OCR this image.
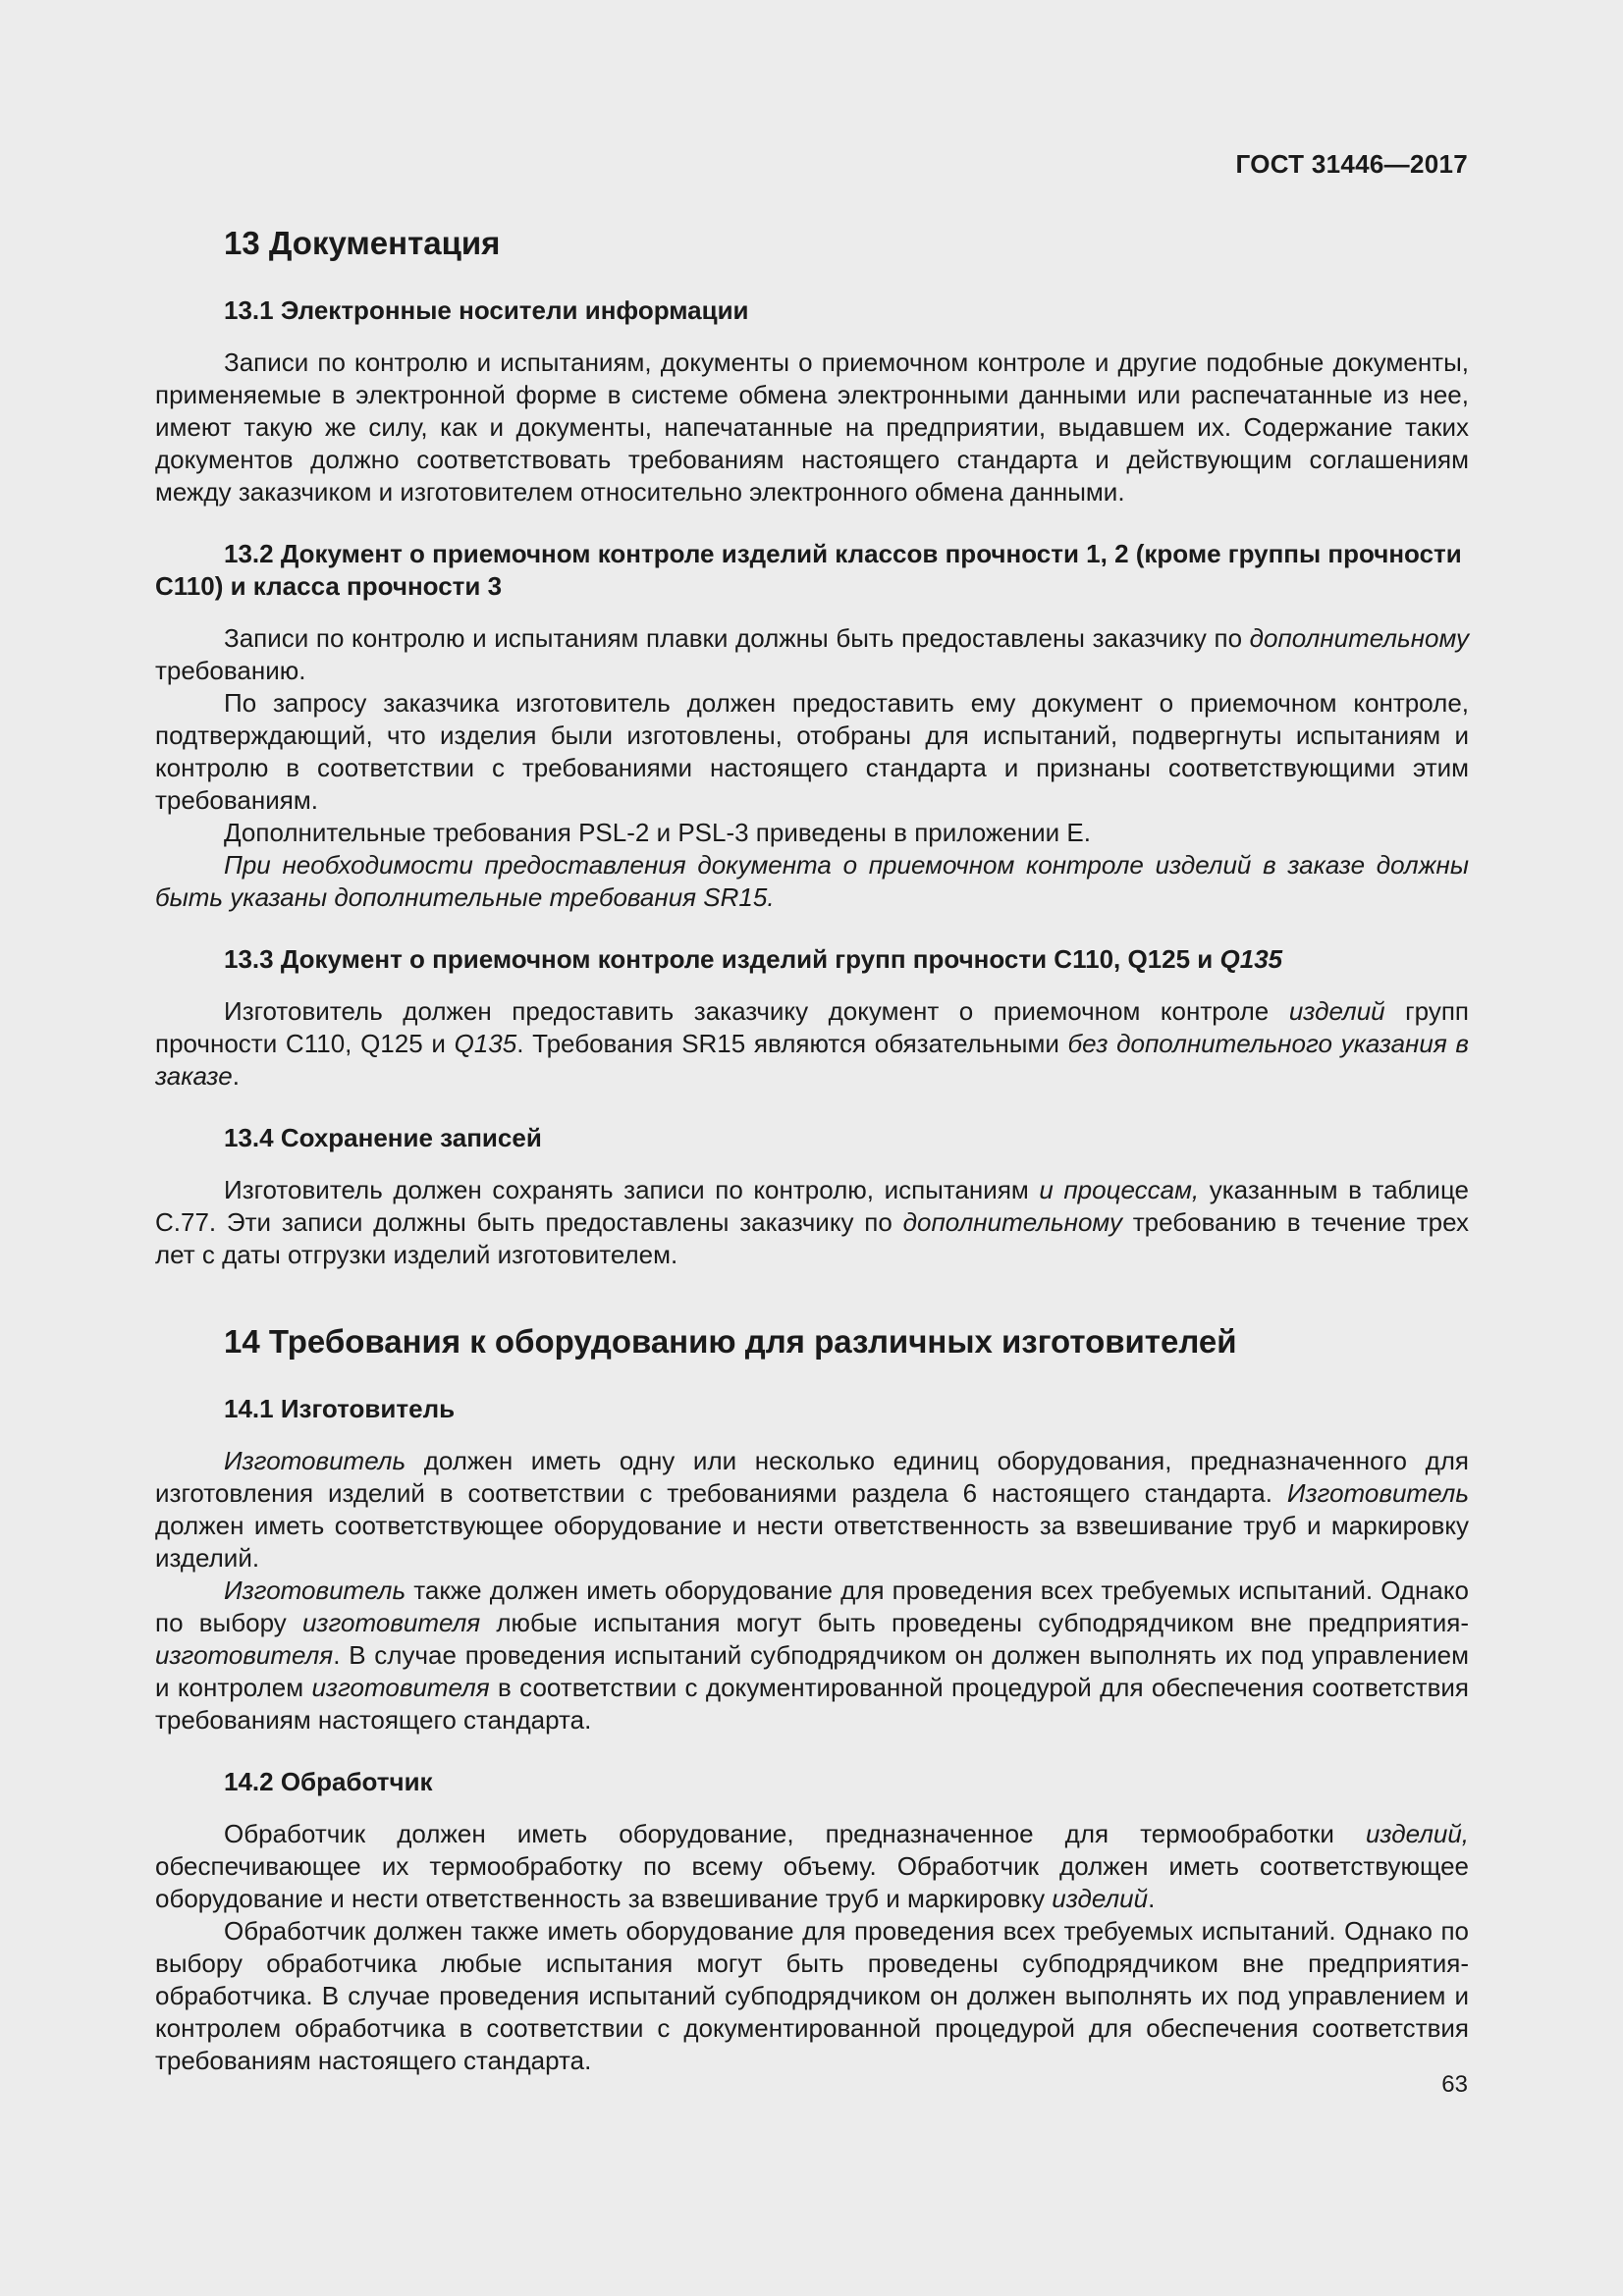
ГОСТ 31446—2017
13 Документация
13.1 Электронные носители информации

Записи по контролю и испытаниям, документы о приемочном контроле и другие подобные документы, применяемые в электронной форме в системе обмена электронными данными или распечатанные из нее, имеют такую же силу, как и документы, напечатанные на предприятии, выдавшем их. Содержание таких документов должно соответствовать требованиям настоящего стандарта и действующим соглашениям между заказчиком и изготовителем относительно электронного обмена данными.

13.2 Документ о приемочном контроле изделий классов прочности 1, 2 (кроме группы прочности С110) и класса прочности 3

Записи по контролю и испытаниям плавки должны быть предоставлены заказчику по дополнительному требованию.

По запросу заказчика изготовитель должен предоставить ему документ о приемочном контроле, подтверждающий, что изделия были изготовлены, отобраны для испытаний, подвергнуты испытаниям и контролю в соответствии с требованиями настоящего стандарта и признаны соответствующими этим требованиям.

Дополнительные требования PSL-2 и PSL-3 приведены в приложении Е.

При необходимости предоставления документа о приемочном контроле изделий в заказе должны быть указаны дополнительные требования SR15.

13.3 Документ о приемочном контроле изделий групп прочности С110, Q125 и Q135

Изготовитель должен предоставить заказчику документ о приемочном контроле изделий групп прочности С110, Q125 и Q135. Требования SR15 являются обязательными без дополнительного указания в заказе.

13.4 Сохранение записей

Изготовитель должен сохранять записи по контролю, испытаниям и процессам, указанным в таблице С.77. Эти записи должны быть предоставлены заказчику по дополнительному требованию в течение трех лет с даты отгрузки изделий изготовителем.

14 Требования к оборудованию для различных изготовителей
14.1 Изготовитель

Изготовитель должен иметь одну или несколько единиц оборудования, предназначенного для изготовления изделий в соответствии с требованиями раздела 6 настоящего стандарта. Изготовитель должен иметь соответствующее оборудование и нести ответственность за взвешивание труб и маркировку изделий.

Изготовитель также должен иметь оборудование для проведения всех требуемых испытаний. Однако по выбору изготовителя любые испытания могут быть проведены субподрядчиком вне предприятия-изготовителя. В случае проведения испытаний субподрядчиком он должен выполнять их под управлением и контролем изготовителя в соответствии с документированной процедурой для обеспечения соответствия требованиям настоящего стандарта.

14.2 Обработчик

Обработчик должен иметь оборудование, предназначенное для термообработки изделий, обеспечивающее их термообработку по всему объему. Обработчик должен иметь соответствующее оборудование и нести ответственность за взвешивание труб и маркировку изделий.

Обработчик должен также иметь оборудование для проведения всех требуемых испытаний. Однако по выбору обработчика любые испытания могут быть проведены субподрядчиком вне предприятия-обработчика. В случае проведения испытаний субподрядчиком он должен выполнять их под управлением и контролем обработчика в соответствии с документированной процедурой для обеспечения соответствия требованиям настоящего стандарта.

63
